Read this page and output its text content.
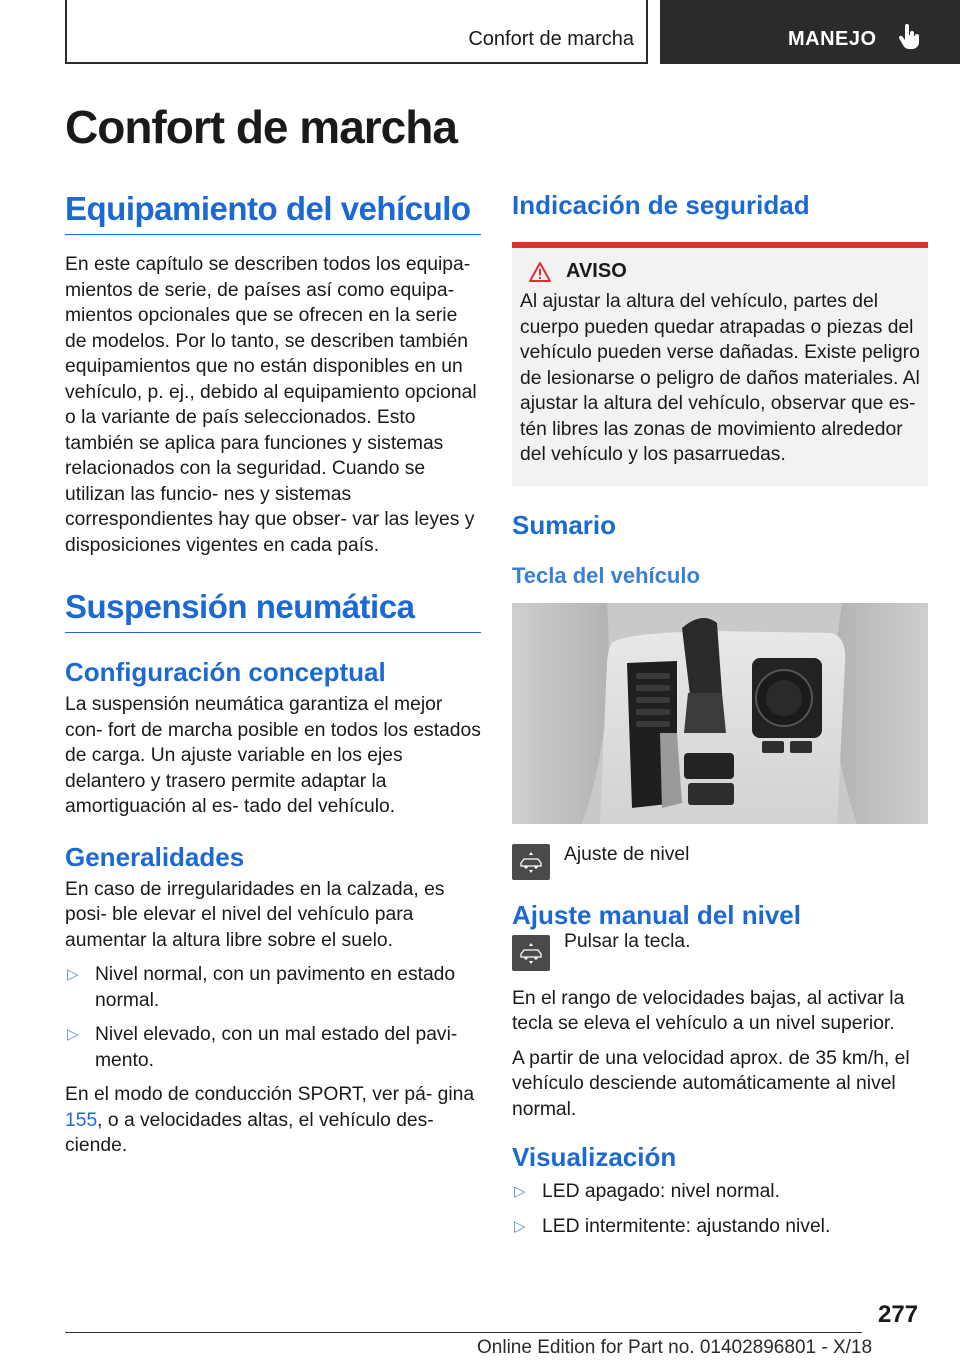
Confort de marcha	MANEJO
Confort de marcha
Equipamiento del vehículo

En este capítulo se describen todos los equipa‐ mientos de serie, de países así como equipa‐ mientos opcionales que se ofrecen en la serie de modelos. Por lo tanto, se describen también equipamientos que no están disponibles en un vehículo, p. ej., debido al equipamiento opcional o la variante de país seleccionados. Esto también se aplica para funciones y sistemas relacionados con la seguridad. Cuando se utilizan las funcio‐ nes y sistemas correspondientes hay que obser‐ var las leyes y disposiciones vigentes en cada país.

Suspensión neumática
Configuración conceptual

La suspensión neumática garantiza el mejor con‐ fort de marcha posible en todos los estados de carga. Un ajuste variable en los ejes delantero y trasero permite adaptar la amortiguación al es‐ tado del vehículo.

Generalidades

En caso de irregularidades en la calzada, es posi‐ ble elevar el nivel del vehículo para aumentar la altura libre sobre el suelo.

▷ Nivel normal, con un pavimento en estado normal.
▷ Nivel elevado, con un mal estado del pavi‐ mento.

En el modo de conducción SPORT, ver pá‐ gina 155, o a velocidades altas, el vehículo des‐ ciende.

Indicación de seguridad
AVISO

Al ajustar la altura del vehículo, partes del cuerpo pueden quedar atrapadas o piezas del vehículo pueden verse dañadas. Existe peligro de lesionarse o peligro de daños materiales. Al ajustar la altura del vehículo, observar que es‐ tén libres las zonas de movimiento alrededor del vehículo y los pasarruedas.

Sumario
Tecla del vehículo

Ajuste de nivel

Ajuste manual del nivel

Pulsar la tecla.

En el rango de velocidades bajas, al activar la tecla se eleva el vehículo a un nivel superior.

A partir de una velocidad aprox. de 35 km/h, el vehículo desciende automáticamente al nivel normal.

Visualización
▷ LED apagado: nivel normal.
▷ LED intermitente: ajustando nivel.
277
Online Edition for Part no. 01402896801 - X/18
